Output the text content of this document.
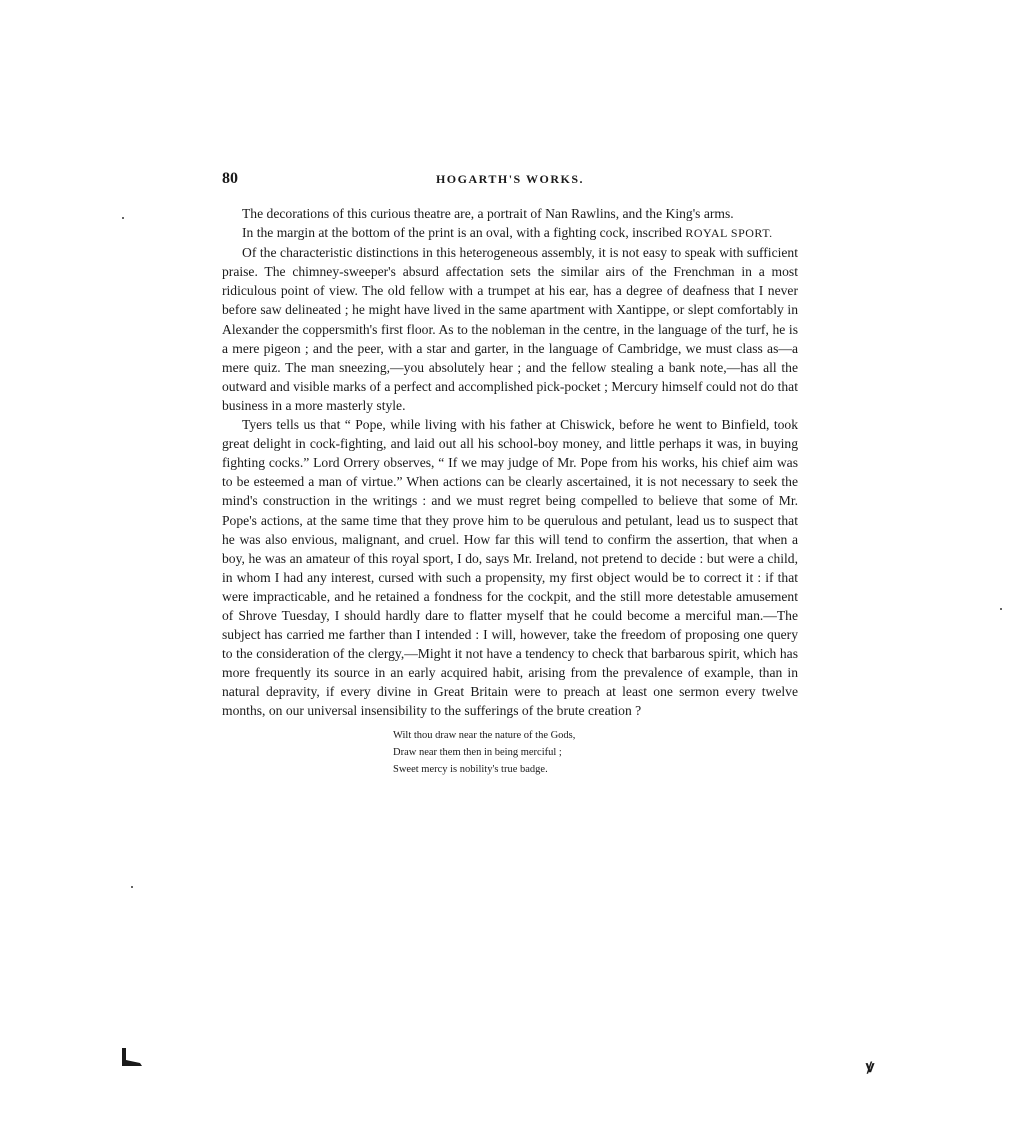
80	HOGARTH'S WORKS.

The decorations of this curious theatre are, a portrait of Nan Rawlins, and the King's arms.

In the margin at the bottom of the print is an oval, with a fighting cock, inscribed ROYAL SPORT.

Of the characteristic distinctions in this heterogeneous assembly, it is not easy to speak with sufficient praise. The chimney-sweeper's absurd affectation sets the similar airs of the Frenchman in a most ridiculous point of view. The old fellow with a trumpet at his ear, has a degree of deafness that I never before saw delineated ; he might have lived in the same apartment with Xantippe, or slept comfortably in Alexander the coppersmith's first floor. As to the nobleman in the centre, in the language of the turf, he is a mere pigeon ; and the peer, with a star and garter, in the language of Cambridge, we must class as—a mere quiz. The man sneezing,—you absolutely hear ; and the fellow stealing a bank note,—has all the outward and visible marks of a perfect and accomplished pick-pocket ; Mercury himself could not do that business in a more masterly style.

Tyers tells us that “ Pope, while living with his father at Chiswick, before he went to Binfield, took great delight in cock-fighting, and laid out all his school-boy money, and little perhaps it was, in buying fighting cocks.” Lord Orrery observes, “ If we may judge of Mr. Pope from his works, his chief aim was to be esteemed a man of virtue.” When actions can be clearly ascertained, it is not necessary to seek the mind's construction in the writings : and we must regret being compelled to believe that some of Mr. Pope's actions, at the same time that they prove him to be querulous and petulant, lead us to suspect that he was also envious, malignant, and cruel. How far this will tend to confirm the assertion, that when a boy, he was an amateur of this royal sport, I do, says Mr. Ireland, not pretend to decide : but were a child, in whom I had any interest, cursed with such a propensity, my first object would be to correct it : if that were impracticable, and he retained a fondness for the cockpit, and the still more detestable amusement of Shrove Tuesday, I should hardly dare to flatter myself that he could become a merciful man.—The subject has carried me farther than I intended : I will, however, take the freedom of proposing one query to the consideration of the clergy,—Might it not have a tendency to check that barbarous spirit, which has more frequently its source in an early acquired habit, arising from the prevalence of example, than in natural depravity, if every divine in Great Britain were to preach at least one sermon every twelve months, on our universal insensibility to the sufferings of the brute creation ?

Wilt thou draw near the nature of the Gods,
Draw near them then in being merciful ;
Sweet mercy is nobility's true badge.
ꝟ
